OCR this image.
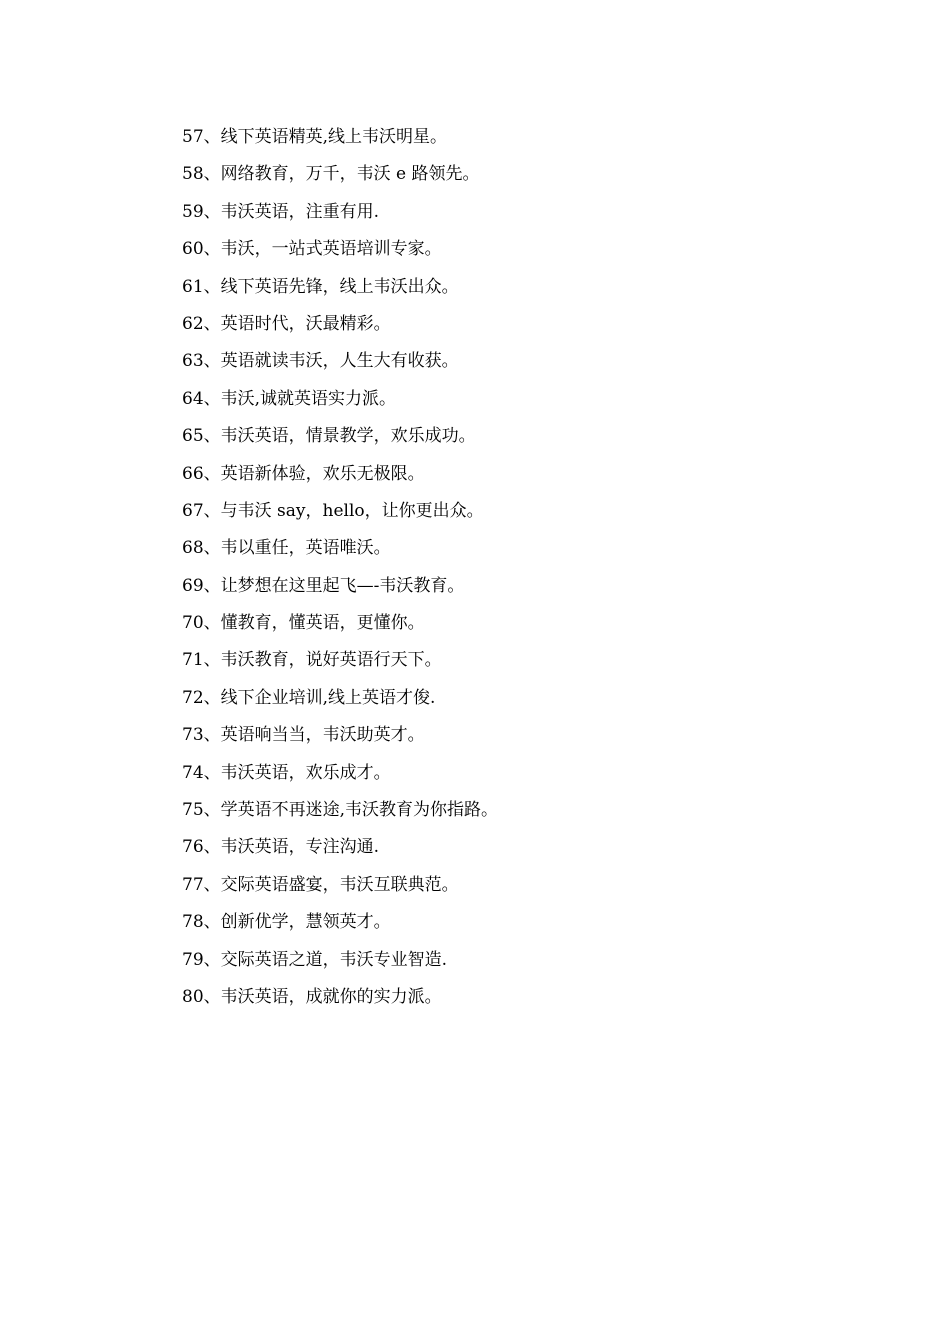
57、线下英语精英,线上韦沃明星。
58、网络教育，万千，韦沃 e 路领先。
59、韦沃英语，注重有用.
60、韦沃，一站式英语培训专家。
61、线下英语先锋，线上韦沃出众。
62、英语时代，沃最精彩。
63、英语就读韦沃，人生大有收获。
64、韦沃,诚就英语实力派。
65、韦沃英语，情景教学，欢乐成功。
66、英语新体验，欢乐无极限。
67、与韦沃 say，hello，让你更出众。
68、韦以重任，英语唯沃。
69、让梦想在这里起飞—-韦沃教育。
70、懂教育，懂英语，更懂你。
71、韦沃教育，说好英语行天下。
72、线下企业培训,线上英语才俊.
73、英语响当当，韦沃助英才。
74、韦沃英语，欢乐成才。
75、学英语不再迷途,韦沃教育为你指路。
76、韦沃英语，专注沟通.
77、交际英语盛宴，韦沃互联典范。
78、创新优学，慧领英才。
79、交际英语之道，韦沃专业智造.
80、韦沃英语，成就你的实力派。
